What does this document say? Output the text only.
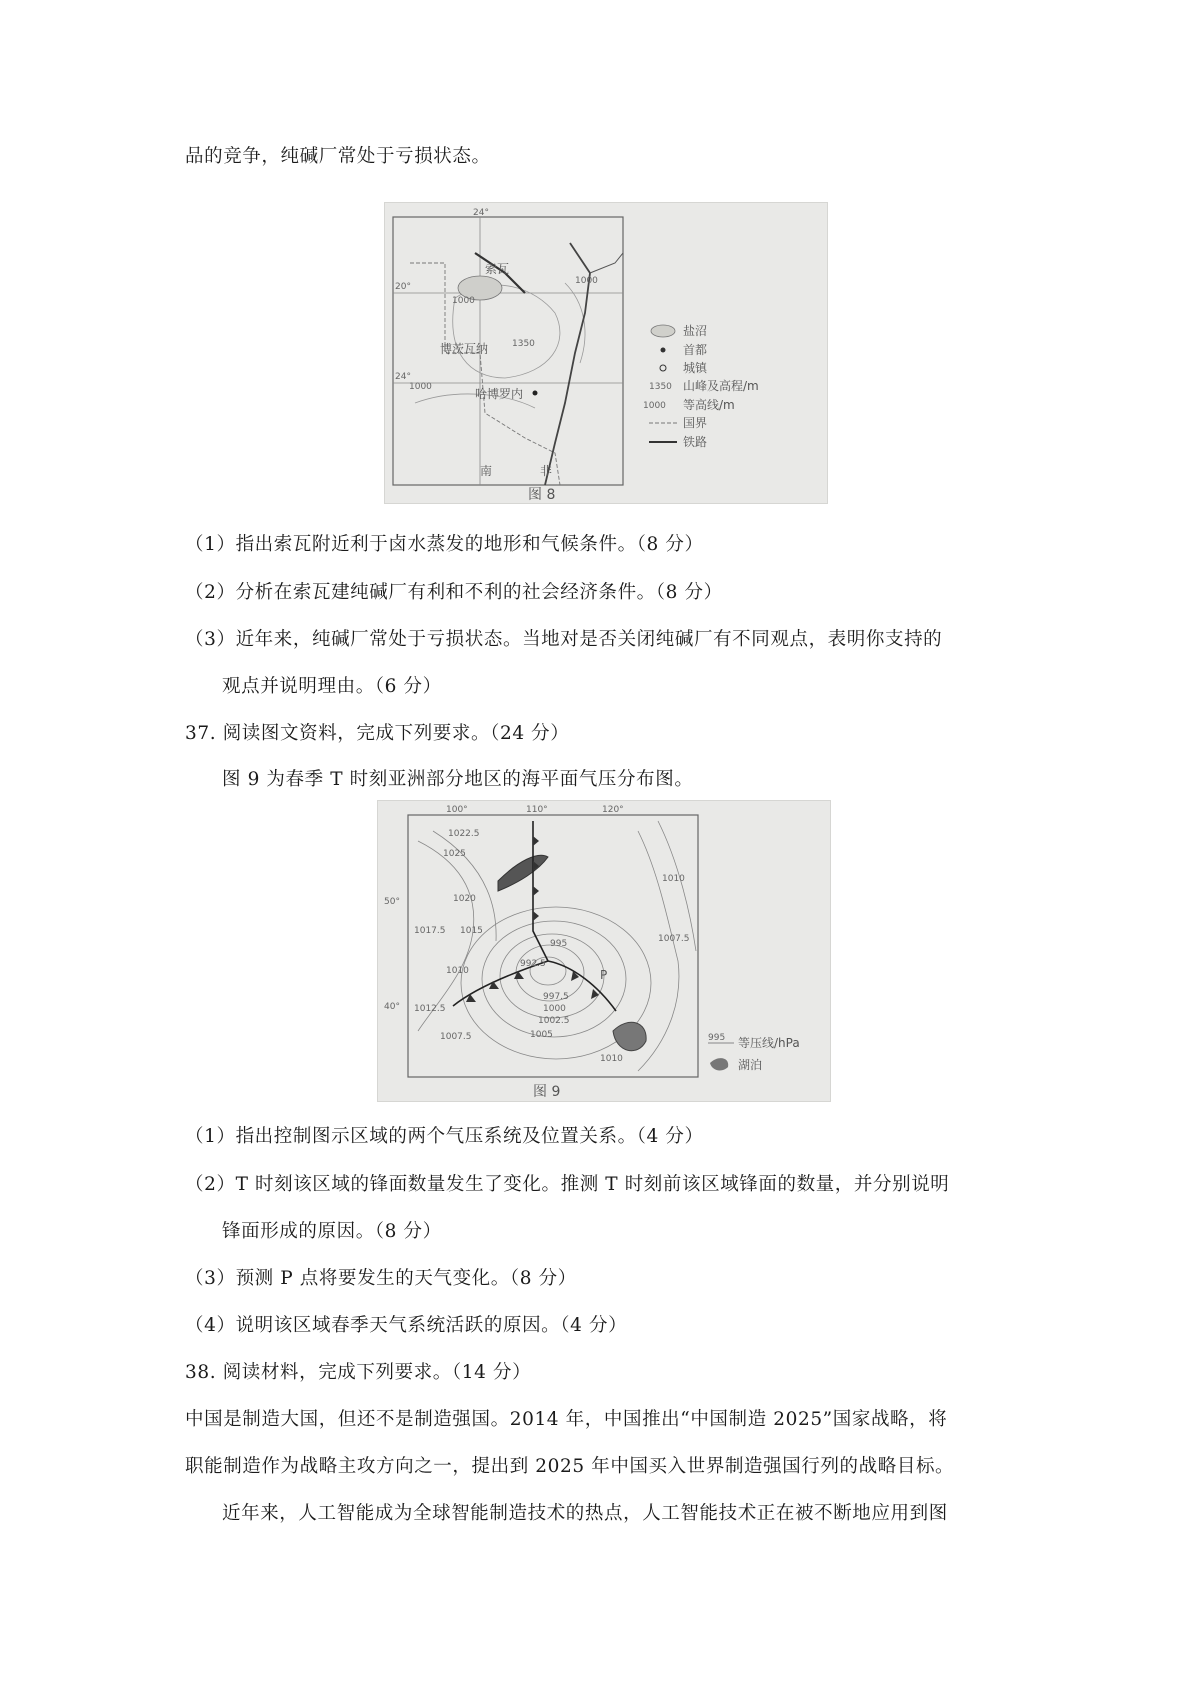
品的竞争，纯碱厂常处于亏损状态。
20°
24°
24°
1000
1000
1000
1350
索瓦
博茨瓦纳
哈博罗内
南	非
盐沼
首都
城镇
1350 山峰及高程/m
1000 等高线/m
国界
铁路
图 8
（1）指出索瓦附近利于卤水蒸发的地形和气候条件。（8 分）
（2）分析在索瓦建纯碱厂有利和不利的社会经济条件。（8 分）
（3）近年来，纯碱厂常处于亏损状态。当地对是否关闭纯碱厂有不同观点，表明你支持的
观点并说明理由。（6 分）
37. 阅读图文资料，完成下列要求。（24 分）
图 9 为春季 T 时刻亚洲部分地区的海平面气压分布图。
100°	110°	120°
50°
40°
1022.5
1025
1020
1017.5 1015
1010
1012.5
1007.5
995
992.5
997.5
1000
1002.5
1005
1010
1007.5
1010
P
995 等压线/hPa
湖泊
图 9
（1）指出控制图示区域的两个气压系统及位置关系。（4 分）
（2）T 时刻该区域的锋面数量发生了变化。推测 T 时刻前该区域锋面的数量，并分别说明
锋面形成的原因。（8 分）
（3）预测 P 点将要发生的天气变化。（8 分）
（4）说明该区域春季天气系统活跃的原因。（4 分）
38. 阅读材料，完成下列要求。（14 分）
中国是制造大国，但还不是制造强国。2014 年，中国推出“中国制造 2025”国家战略，将
职能制造作为战略主攻方向之一，提出到 2025 年中国买入世界制造强国行列的战略目标。
近年来，人工智能成为全球智能制造技术的热点，人工智能技术正在被不断地应用到图
